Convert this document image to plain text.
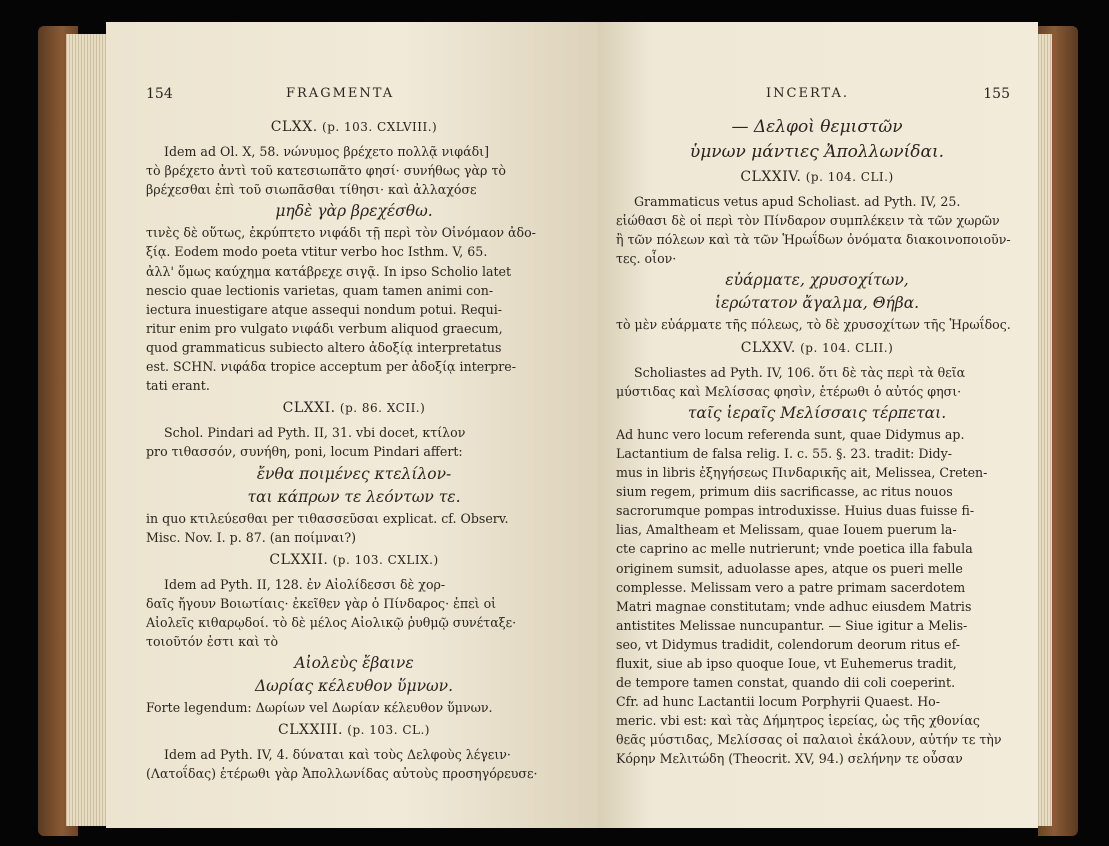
154	FRAGMENTA
CLXX. (p. 103. CXLVIII.)
Idem ad Ol. X, 58. νώνυμος βρέχετο πολλᾷ νιφάδι]
τὸ βρέχετο ἀντὶ τοῦ κατεσιωπᾶτο φησί· συνήθως γὰρ τὸ
βρέχεσθαι ἐπὶ τοῦ σιωπᾶσθαι τίθησι· καὶ ἀλλαχόσε
μηδὲ γὰρ βρεχέσθω.
τινὲς δὲ οὕτως, ἐκρύπτετο νιφάδι τῇ περὶ τὸν Οἰνόμαον ἀδο-
ξίᾳ. Eodem modo poeta vtitur verbo hoc Isthm. V, 65.
ἀλλ' ὅμως καύχημα κατάβρεχε σιγᾷ. In ipso Scholio latet
nescio quae lectionis varietas, quam tamen animi con-
iectura inuestigare atque assequi nondum potui. Requi-
ritur enim pro vulgato νιφάδι verbum aliquod graecum,
quod grammaticus subiecto altero ἀδοξίᾳ interpretatus
est. SCHN. νιφάδα tropice acceptum per ἀδοξίᾳ interpre-
tati erant.
CLXXI. (p. 86. XCII.)
Schol. Pindari ad Pyth. II, 31. vbi docet, κτίλον
pro τιθασσόν, συνήθη, poni, locum Pindari affert:
ἔνθα ποιμένες κτελίλον-
ται κάπρων τε λεόντων τε.
in quo κτιλεύεσθαι per τιθασσεῦσαι explicat. cf. Observ.
Misc. Nov. I. p. 87. (an ποίμναι?)
CLXXII. (p. 103. CXLIX.)
Idem ad Pyth. II, 128. ἐν Αἰολίδεσσι δὲ χορ-
δαῖς ἤγουν Βοιωτίαις· ἐκεῖθεν γὰρ ὁ Πίνδαρος· ἐπεὶ οἱ
Αἰολεῖς κιθαρῳδοί. τὸ δὲ μέλος Αἰολικῷ ῥυθμῷ συνέταξε·
τοιοῦτόν ἐστι καὶ τὸ
Αἰολεὺς ἔβαινε
Δωρίας κέλευθον ὕμνων.
Forte legendum: Δωρίων vel Δωρίαν κέλευθον ὕμνων.
CLXXIII. (p. 103. CL.)
Idem ad Pyth. IV, 4. δύναται καὶ τοὺς Δελφοὺς λέγειν·
(Λατοΐδας) ἑτέρωθι γὰρ Ἀπολλωνίδας αὐτοὺς προσηγόρευσε·
INCERTA.	155
— Δελφοὶ θεμιστῶν
ὑμνων μάντιες Ἀπολλωνίδαι.
CLXXIV. (p. 104. CLI.)
Grammaticus vetus apud Scholiast. ad Pyth. IV, 25.
εἰώθασι δὲ οἱ περὶ τὸν Πίνδαρον συμπλέκειν τὰ τῶν χωρῶν
ἢ τῶν πόλεων καὶ τὰ τῶν Ἡρωΐδων ὀνόματα διακοινοποιοῦν-
τες. οἷον·
εὐάρματε, χρυσοχίτων,
ἱερώτατον ἄγαλμα, Θήβα.
τὸ μὲν εὐάρματε τῆς πόλεως, τὸ δὲ χρυσοχίτων τῆς Ἡρωΐδος.
CLXXV. (p. 104. CLII.)
Scholiastes ad Pyth. IV, 106. ὅτι δὲ τὰς περὶ τὰ θεῖα
μύστιδας καὶ Μελίσσας φησὶν, ἑτέρωθι ὁ αὐτός φησι·
ταῖς ἱεραῖς Μελίσσαις τέρπεται.
Ad hunc vero locum referenda sunt, quae Didymus ap.
Lactantium de falsa relig. I. c. 55. §. 23. tradit: Didy-
mus in libris ἐξηγήσεως Πινδαρικῆς ait, Melissea, Creten-
sium regem, primum diis sacrificasse, ac ritus nouos
sacrorumque pompas introduxisse. Huius duas fuisse fi-
lias, Amaltheam et Melissam, quae Iouem puerum la-
cte caprino ac melle nutrierunt; vnde poetica illa fabula
originem sumsit, aduolasse apes, atque os pueri melle
complesse. Melissam vero a patre primam sacerdotem
Matri magnae constitutam; vnde adhuc eiusdem Matris
antistites Melissae nuncupantur. — Siue igitur a Melis-
seo, vt Didymus tradidit, colendorum deorum ritus ef-
fluxit, siue ab ipso quoque Ioue, vt Euhemerus tradit,
de tempore tamen constat, quando dii coli coeperint.
Cfr. ad hunc Lactantii locum Porphyrii Quaest. Ho-
meric. vbi est: καὶ τὰς Δήμητρος ἱερείας, ὡς τῆς χθονίας
θεᾶς μύστιδας, Μελίσσας οἱ παλαιοὶ ἐκάλουν, αὐτήν τε τὴν
Κόρην Μελιτώδη (Theocrit. XV, 94.) σελήνην τε οὖσαν
